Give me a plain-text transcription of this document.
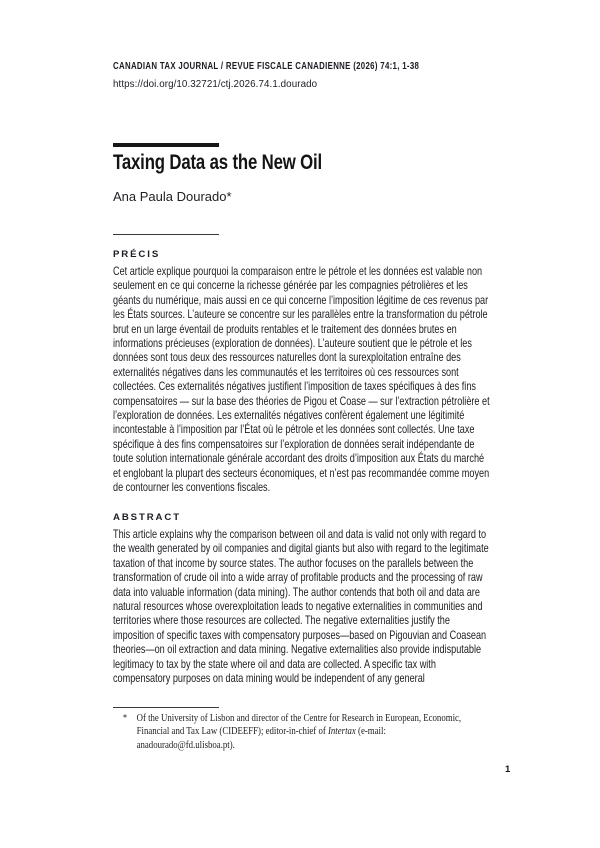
CANADIAN TAX JOURNAL / REVUE FISCALE CANADIENNE (2026) 74:1, 1-38
https://doi.org/10.32721/ctj.2026.74.1.dourado
Taxing Data as the New Oil
Ana Paula Dourado*
PRÉCIS
Cet article explique pourquoi la comparaison entre le pétrole et les données est valable non seulement en ce qui concerne la richesse générée par les compagnies pétrolières et les géants du numérique, mais aussi en ce qui concerne l’imposition légitime de ces revenus par les États sources. L’auteure se concentre sur les parallèles entre la transformation du pétrole brut en un large éventail de produits rentables et le traitement des données brutes en informations précieuses (exploration de données). L’auteure soutient que le pétrole et les données sont tous deux des ressources naturelles dont la surexploitation entraîne des externalités négatives dans les communautés et les territoires où ces ressources sont collectées. Ces externalités négatives justifient l’imposition de taxes spécifiques à des fins compensatoires — sur la base des théories de Pigou et Coase — sur l’extraction pétrolière et l’exploration de données. Les externalités négatives confèrent également une légitimité incontestable à l’imposition par l’État où le pétrole et les données sont collectés. Une taxe spécifique à des fins compensatoires sur l’exploration de données serait indépendante de toute solution internationale générale accordant des droits d’imposition aux États du marché et englobant la plupart des secteurs économiques, et n’est pas recommandée comme moyen de contourner les conventions fiscales.
ABSTRACT
This article explains why the comparison between oil and data is valid not only with regard to the wealth generated by oil companies and digital giants but also with regard to the legitimate taxation of that income by source states. The author focuses on the parallels between the transformation of crude oil into a wide array of profitable products and the processing of raw data into valuable information (data mining). The author contends that both oil and data are natural resources whose overexploitation leads to negative externalities in communities and territories where those resources are collected. The negative externalities justify the imposition of specific taxes with compensatory purposes—based on Pigouvian and Coasean theories—on oil extraction and data mining. Negative externalities also provide indisputable legitimacy to tax by the state where oil and data are collected. A specific tax with compensatory purposes on data mining would be independent of any general
* Of the University of Lisbon and director of the Centre for Research in European, Economic, Financial and Tax Law (CIDEEFF); editor-in-chief of Intertax (e-mail: anadourado@fd.ulisboa.pt).
1
